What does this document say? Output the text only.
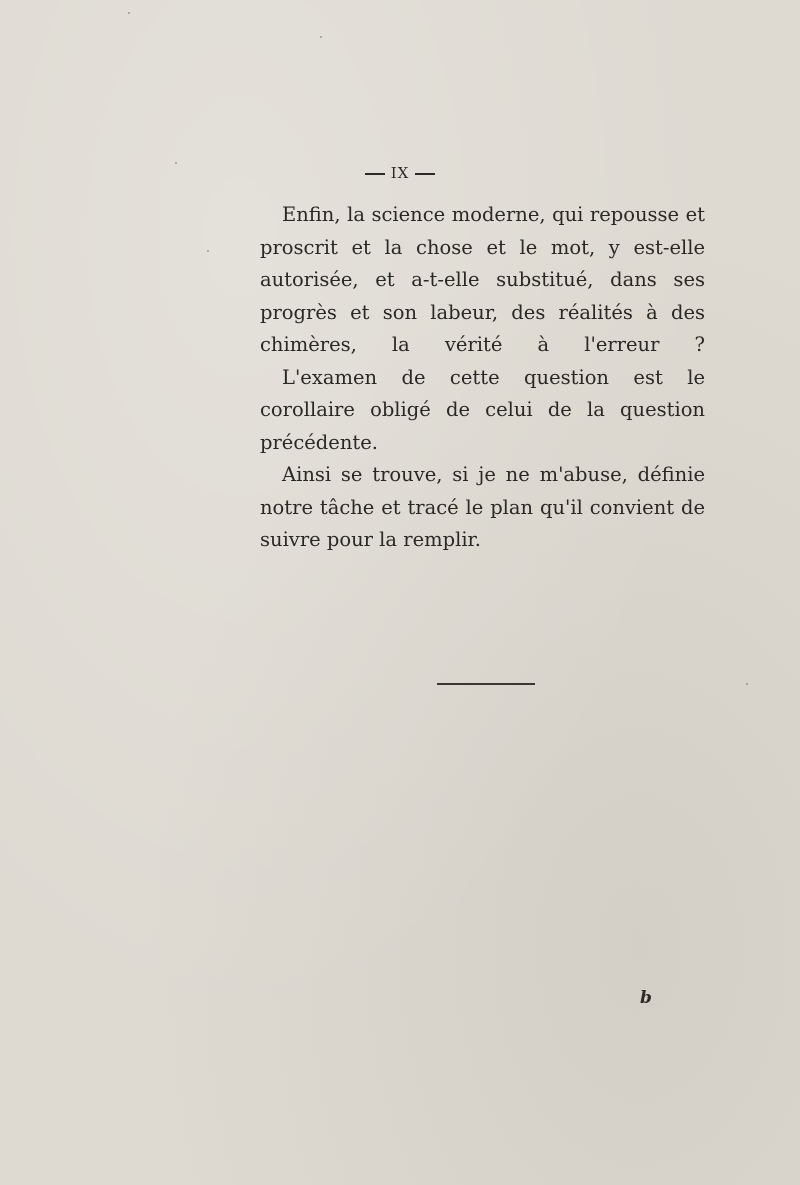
IX

Enfin, la science moderne, qui repousse et proscrit et la chose et le mot, y est-elle autorisée, et a-t-elle substitué, dans ses progrès et son labeur, des réalités à des chimères, la vérité à l'erreur ?

L'examen de cette question est le corollaire obligé de celui de la question précédente.

Ainsi se trouve, si je ne m'abuse, définie notre tâche et tracé le plan qu'il convient de suivre pour la remplir.

b
